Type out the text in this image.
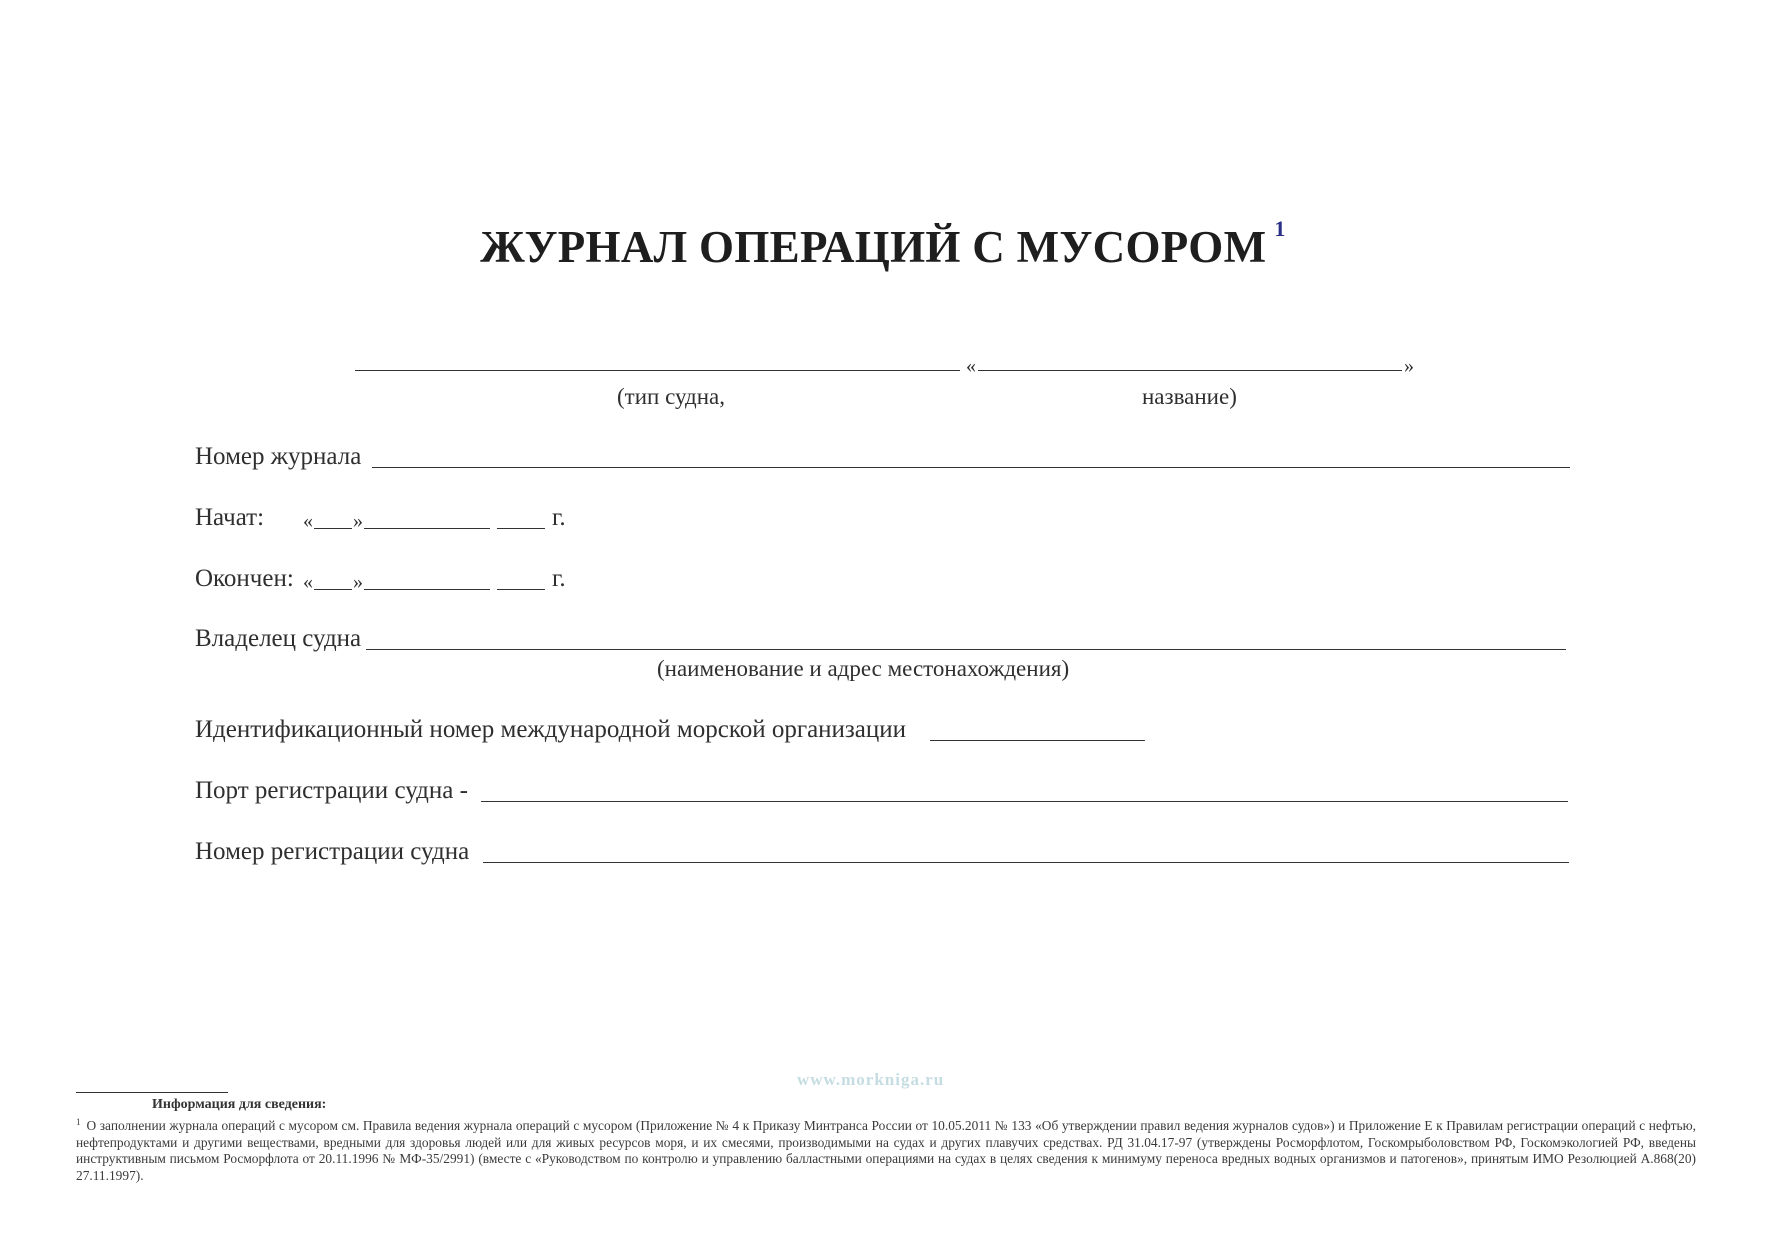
ЖУРНАЛ ОПЕРАЦИЙ С МУСОРОМ $^1$
«	»
(тип судна,	название)
Номер журнала
Начат: « »	г.
Окончен: « »	г.
Владелец судна
(наименование и адрес местонахождения)
Идентификационный номер международной морской организации
Порт регистрации судна -
Номер регистрации судна
www.morkniga.ru
Информация для сведения:
$^1$ О заполнении журнала операций с мусором см. Правила ведения журнала операций с мусором (Приложение № 4 к Приказу Минтранса России от 10.05.2011 № 133 «Об утверждении правил ведения журналов судов») и Приложение Е к Правилам регистрации операций с нефтью, нефтепродуктами и другими веществами, вредными для здоровья людей или для живых ресурсов моря, и их смесями, производимыми на судах и других плавучих средствах. РД 31.04.17-97 (утверждены Росморфлотом, Госкомрыболовством РФ, Госкомэкологией РФ, введены инструктивным письмом Росморфлота от 20.11.1996 № МФ-35/2991) (вместе с «Руководством по контролю и управлению балластными операциями на судах в целях сведения к минимуму переноса вредных водных организмов и патогенов», принятым ИМО Резолюцией А.868(20) 27.11.1997).
